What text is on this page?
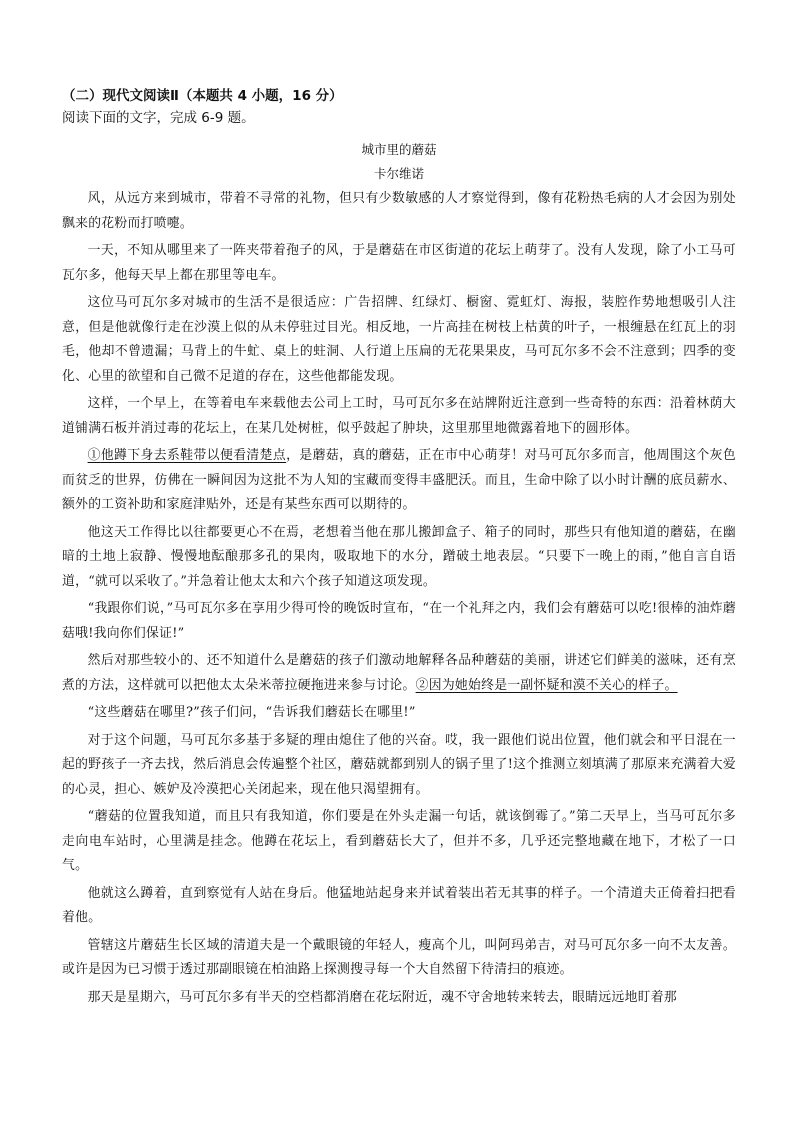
（二）现代文阅读Ⅱ（本题共 4 小题，16 分）

阅读下面的文字，完成 6-9 题。

城市里的蘑菇

卡尔维诺

风，从远方来到城市，带着不寻常的礼物，但只有少数敏感的人才察觉得到，像有花粉热毛病的人才会因为别处飘来的花粉而打喷嚏。

一天，不知从哪里来了一阵夹带着孢子的风，于是蘑菇在市区街道的花坛上萌芽了。没有人发现，除了小工马可瓦尔多，他每天早上都在那里等电车。

这位马可瓦尔多对城市的生活不是很适应：广告招牌、红绿灯、橱窗、霓虹灯、海报，装腔作势地想吸引人注意，但是他就像行走在沙漠上似的从未停驻过目光。相反地，一片高挂在树枝上枯黄的叶子，一根缠悬在红瓦上的羽毛，他却不曾遗漏；马背上的牛虻、桌上的蛀洞、人行道上压扁的无花果果皮，马可瓦尔多不会不注意到；四季的变化、心里的欲望和自己微不足道的存在，这些他都能发现。

这样，一个早上，在等着电车来载他去公司上工时，马可瓦尔多在站牌附近注意到一些奇特的东西：沿着林荫大道铺满石板并消过毒的花坛上，在某几处树桩，似乎鼓起了肿块，这里那里地微露着地下的圆形体。

①他蹲下身去系鞋带以便看清楚点，是蘑菇，真的蘑菇，正在市中心萌芽！对马可瓦尔多而言，他周围这个灰色而贫乏的世界，仿佛在一瞬间因为这批不为人知的宝藏而变得丰盛肥沃。而且，生命中除了以小时计酬的底员薪水、额外的工资补助和家庭津贴外，还是有某些东西可以期待的。

他这天工作得比以往都要更心不在焉，老想着当他在那儿搬卸盒子、箱子的同时，那些只有他知道的蘑菇，在幽暗的土地上寂静、慢慢地酝酿那多孔的果肉，吸取地下的水分，蹭破土地表层。“只要下一晚上的雨，”他自言自语道，“就可以采收了。”并急着让他太太和六个孩子知道这项发现。

“我跟你们说，”马可瓦尔多在享用少得可怜的晚饭时宣布，“在一个礼拜之内，我们会有蘑菇可以吃!很棒的油炸蘑菇哦!我向你们保证!”

然后对那些较小的、还不知道什么是蘑菇的孩子们激动地解释各品种蘑菇的美丽，讲述它们鲜美的滋味，还有烹煮的方法，这样就可以把他太太朵米蒂拉硬拖进来参与讨论。②因为她始终是一副怀疑和漠不关心的样子。

“这些蘑菇在哪里?”孩子们问，“告诉我们蘑菇长在哪里!”

对于这个问题，马可瓦尔多基于多疑的理由熄住了他的兴奋。哎，我一跟他们说出位置，他们就会和平日混在一起的野孩子一齐去找，然后消息会传遍整个社区，蘑菇就都到别人的锅子里了!这个推测立刻填满了那原来充满着大爱的心灵，担心、嫉妒及冷漠把心关闭起来，现在他只渴望拥有。

“蘑菇的位置我知道，而且只有我知道，你们要是在外头走漏一句话，就该倒霉了。”第二天早上，当马可瓦尔多走向电车站时，心里满是挂念。他蹲在花坛上，看到蘑菇长大了，但并不多，几乎还完整地藏在地下，才松了一口气。

他就这么蹲着，直到察觉有人站在身后。他猛地站起身来并试着装出若无其事的样子。一个清道夫正倚着扫把看着他。

管辖这片蘑菇生长区域的清道夫是一个戴眼镜的年轻人，瘦高个儿，叫阿玛弟吉，对马可瓦尔多一向不太友善。或许是因为已习惯于透过那副眼镜在柏油路上探测搜寻每一个大自然留下待清扫的痕迹。

那天是星期六，马可瓦尔多有半天的空档都消磨在花坛附近，魂不守舍地转来转去，眼睛远远地盯着那
